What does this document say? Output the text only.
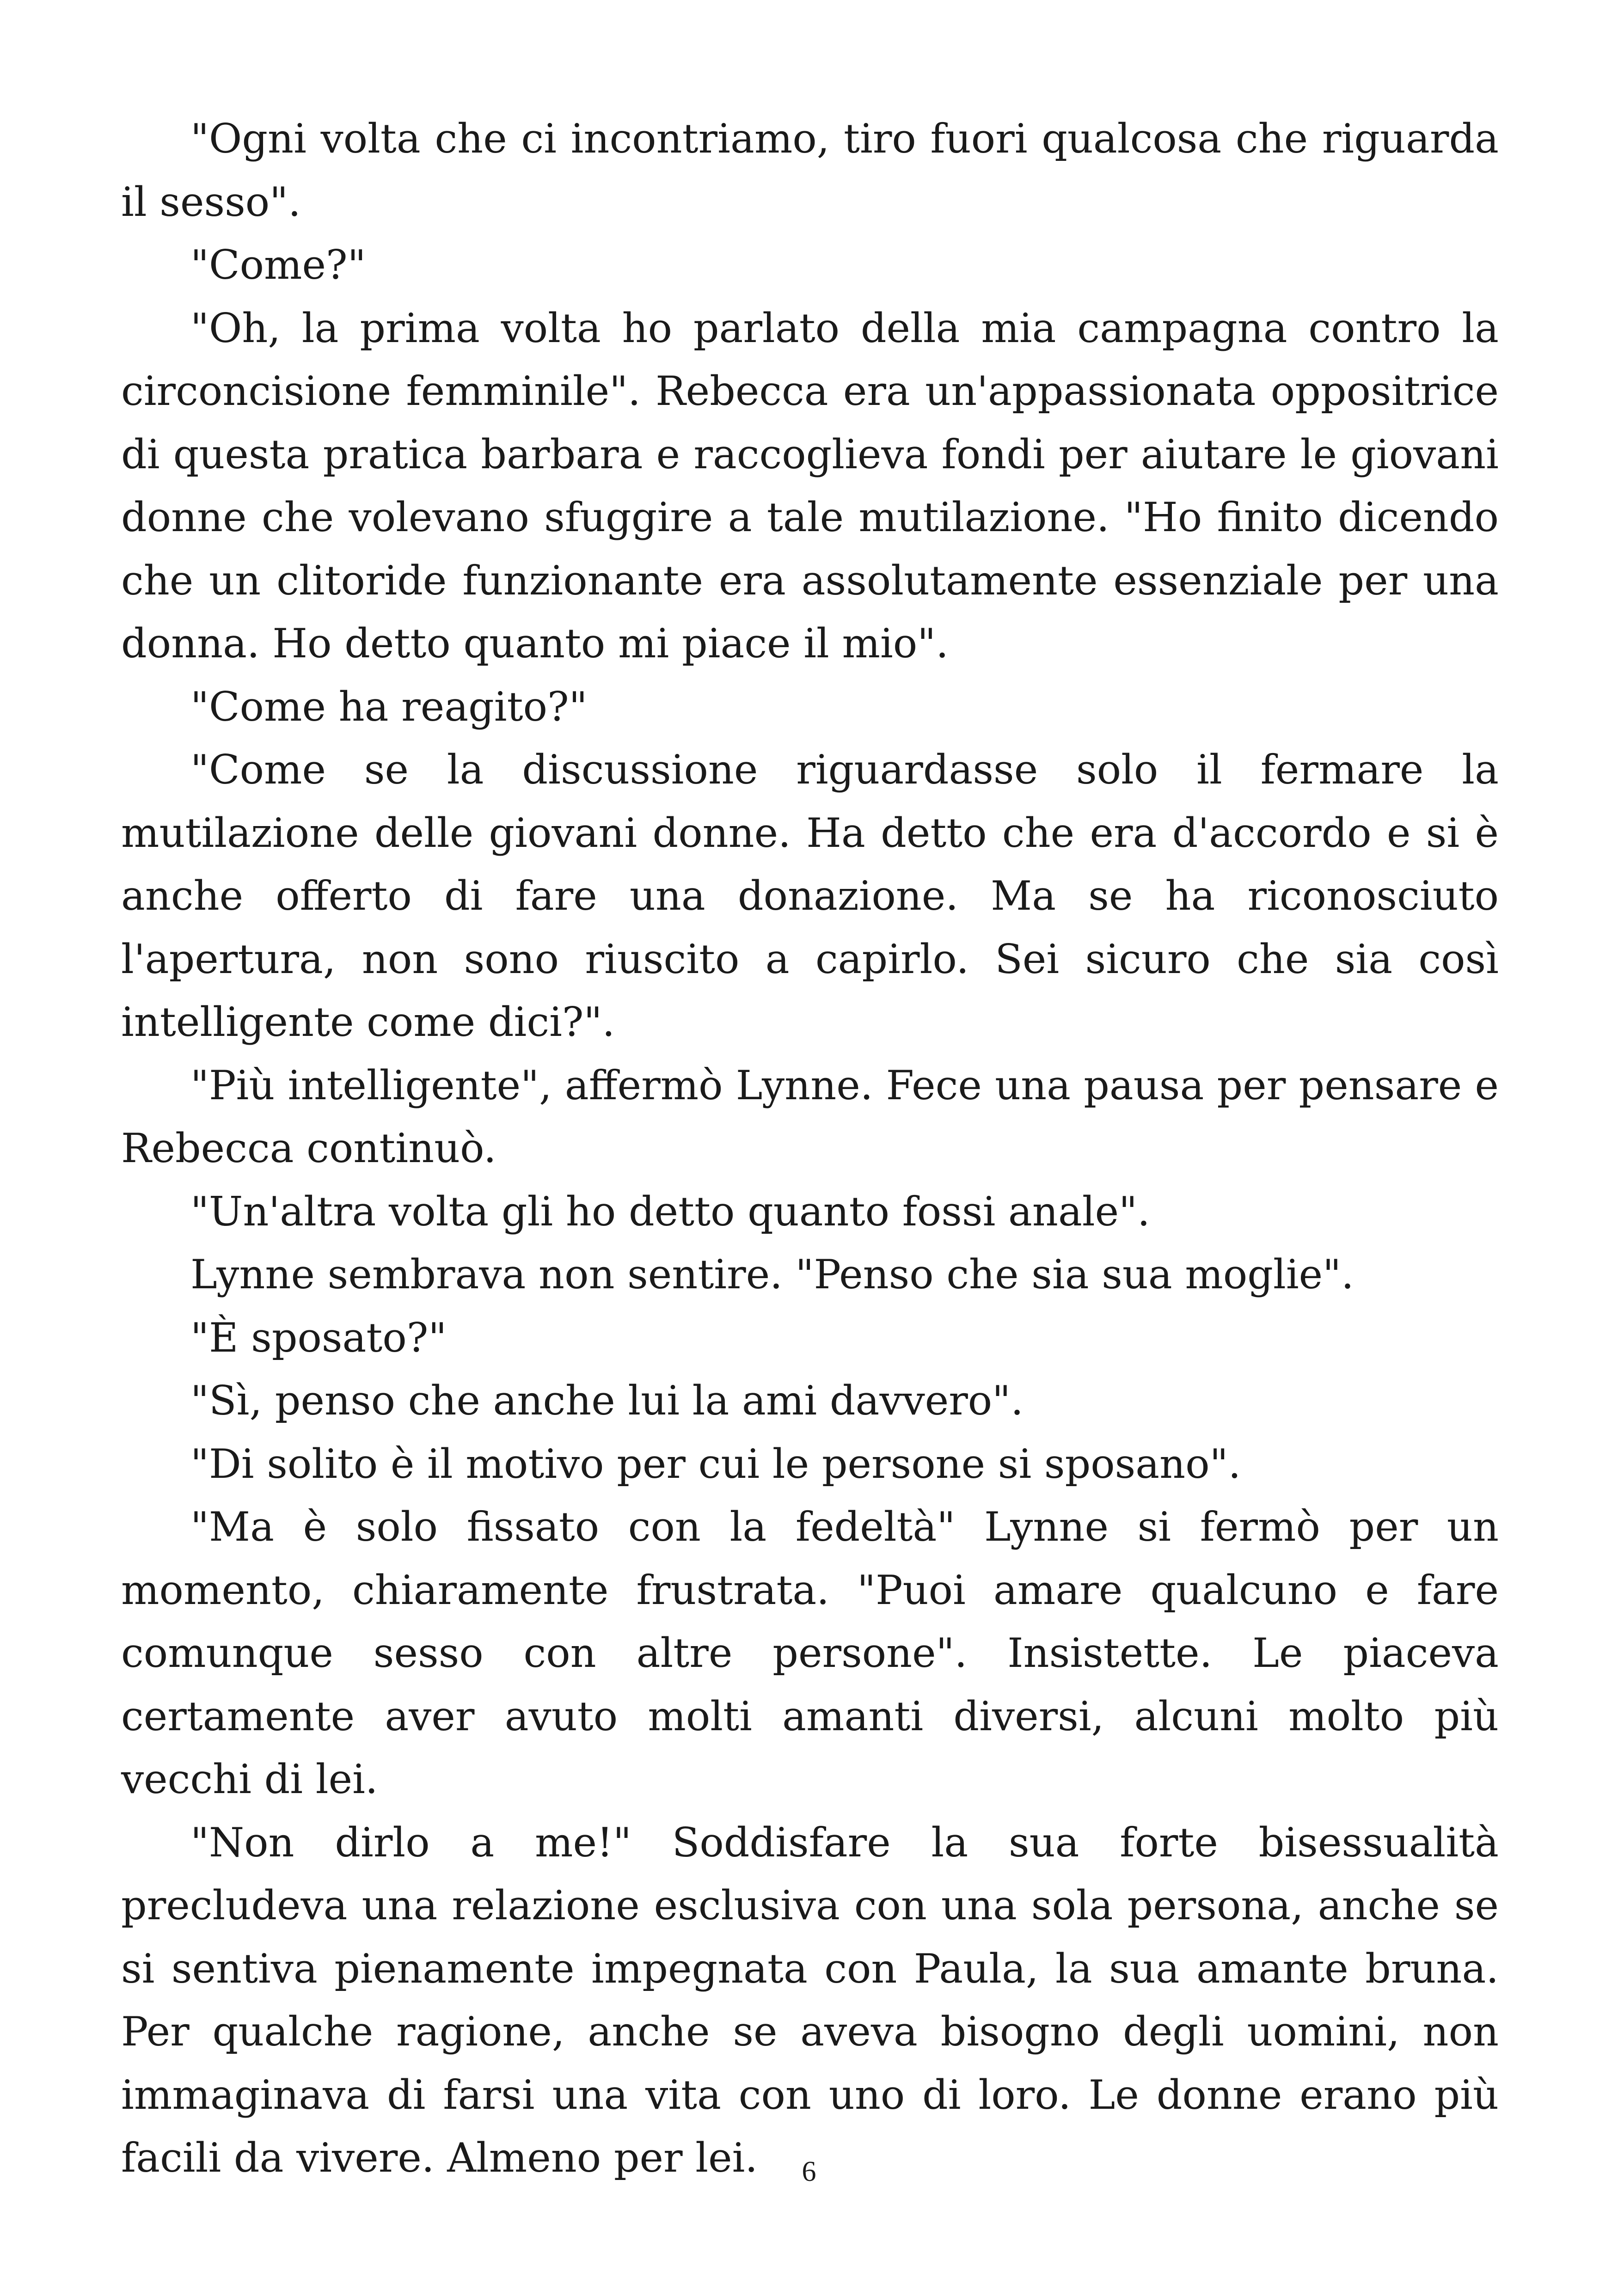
"Ogni volta che ci incontriamo, tiro fuori qualcosa che riguarda il sesso".

"Come?"

"Oh, la prima volta ho parlato della mia campagna contro la circoncisione femminile". Rebecca era un'appassionata oppositrice di questa pratica barbara e raccoglieva fondi per aiutare le giovani donne che volevano sfuggire a tale mutilazione. "Ho finito dicendo che un clitoride funzionante era assolutamente essenziale per una donna. Ho detto quanto mi piace il mio".

"Come ha reagito?"

"Come se la discussione riguardasse solo il fermare la mutilazione delle giovani donne. Ha detto che era d'accordo e si è anche offerto di fare una donazione. Ma se ha riconosciuto l'apertura, non sono riuscito a capirlo. Sei sicuro che sia così intelligente come dici?".

"Più intelligente", affermò Lynne. Fece una pausa per pensare e Rebecca continuò.

"Un'altra volta gli ho detto quanto fossi anale".

Lynne sembrava non sentire. "Penso che sia sua moglie".

"È sposato?"

"Sì, penso che anche lui la ami davvero".

"Di solito è il motivo per cui le persone si sposano".

"Ma è solo fissato con la fedeltà" Lynne si fermò per un momento, chiaramente frustrata. "Puoi amare qualcuno e fare comunque sesso con altre persone". Insistette. Le piaceva certamente aver avuto molti amanti diversi, alcuni molto più vecchi di lei.

"Non dirlo a me!" Soddisfare la sua forte bisessualità precludeva una relazione esclusiva con una sola persona, anche se si sentiva pienamente impegnata con Paula, la sua amante bruna. Per qualche ragione, anche se aveva bisogno degli uomini, non immaginava di farsi una vita con uno di loro. Le donne erano più facili da vivere. Almeno per lei.	6
